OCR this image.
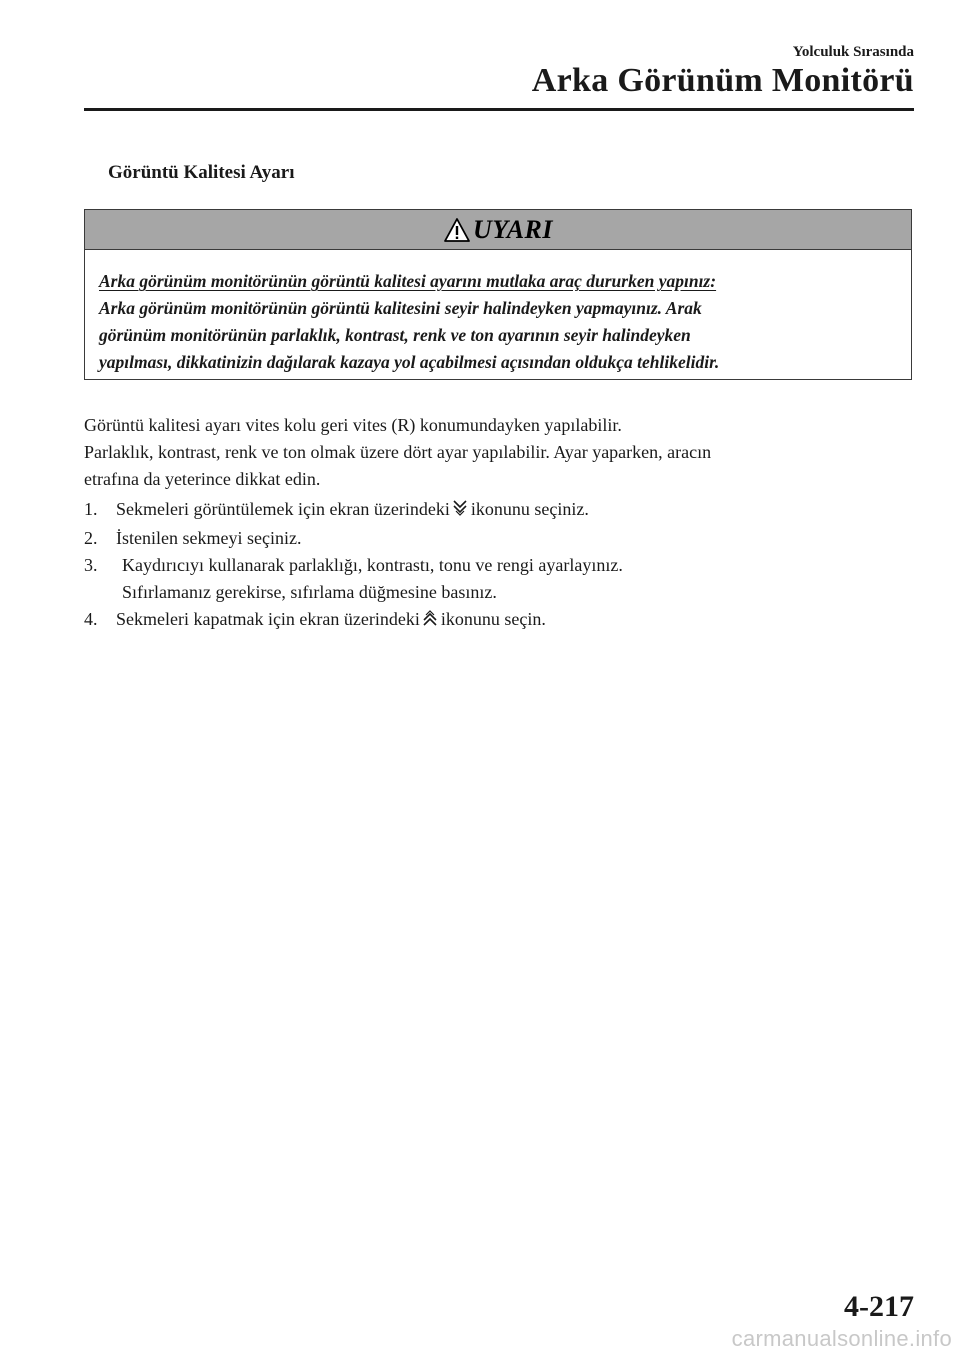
Yolculuk Sırasında
Arka Görünüm Monitörü
Görüntü Kalitesi Ayarı
UYARI
Arka görünüm monitörünün görüntü kalitesi ayarını mutlaka araç dururken yapınız:
Arka görünüm monitörünün görüntü kalitesini seyir halindeyken yapmayınız. Arak
görünüm monitörünün parlaklık, kontrast, renk ve ton ayarının seyir halindeyken
yapılması, dikkatinizin dağılarak kazaya yol açabilmesi açısından oldukça tehlikelidir.
Görüntü kalitesi ayarı vites kolu geri vites (R) konumundayken yapılabilir.
Parlaklık, kontrast, renk ve ton olmak üzere dört ayar yapılabilir. Ayar yaparken, aracın
etrafına da yeterince dikkat edin.
1.	Sekmeleri görüntülemek için ekran üzerindeki ikonunu seçiniz.
2.	İstenilen sekmeyi seçiniz.
3.	Kaydırıcıyı kullanarak parlaklığı, kontrastı, tonu ve rengi ayarlayınız.
Sıfırlamanız gerekirse, sıfırlama düğmesine basınız.
4.	Sekmeleri kapatmak için ekran üzerindeki ikonunu seçin.
4-217
carmanualsonline.info
